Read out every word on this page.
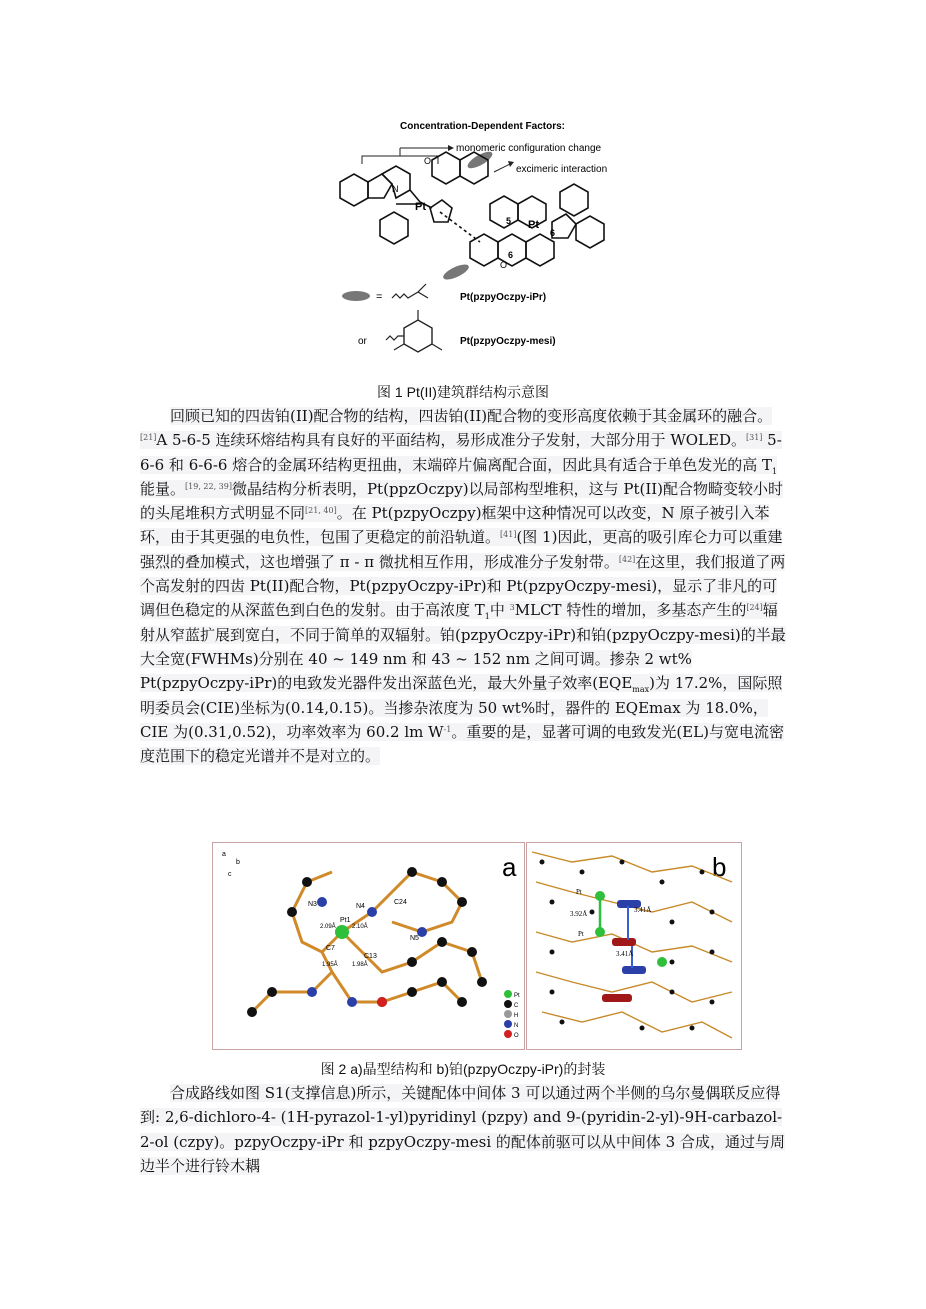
Concentration-Dependent Factors:
monomeric configuration change
excimeric interaction
Pt
Pt
N
O
O
5
6
6
=	Pt(pzpyOczpy-iPr)
or	Pt(pzpyOczpy-mesi)
图 1 Pt(II)建筑群结构示意图

回顾已知的四齿铂(II)配合物的结构，四齿铂(II)配合物的变形高度依赖于其金属环的融合。[21]A 5-6-5 连续环熔结构具有良好的平面结构，易形成准分子发射，大部分用于 WOLED。[31] 5-6-6 和 6-6-6 熔合的金属环结构更扭曲，末端碎片偏离配合面，因此具有适合于单色发光的高 $T_1$能量。[19, 22, 39]微晶结构分析表明，Pt(ppzOczpy)以局部构型堆积，这与 Pt(II)配合物畸变较小时的头尾堆积方式明显不同[21, 40]。在 Pt(pzpyOczpy)框架中这种情况可以改变，N 原子被引入苯环，由于其更强的电负性，包围了更稳定的前沿轨道。[41](图 1)因此，更高的吸引库仑力可以重建强烈的叠加模式，这也增强了 π - π 微扰相互作用，形成准分子发射带。[42]在这里，我们报道了两个高发射的四齿 Pt(II)配合物，Pt(pzpyOczpy-iPr)和 Pt(pzpyOczpy-mesi)，显示了非凡的可调但色稳定的从深蓝色到白色的发射。由于高浓度 $T_1$中 $^3$MLCT 特性的增加，多基态产生的[24]辐射从窄蓝扩展到宽白，不同于简单的双辐射。铂(pzpyOczpy-iPr)和铂(pzpyOczpy-mesi)的半最大全宽(FWHMs)分别在 40 ~ 149 nm 和 43 ~ 152 nm 之间可调。掺杂 2 wt% Pt(pzpyOczpy-iPr)的电致发光器件发出深蓝色光，最大外量子效率$(EQE_{max})$为 17.2%，国际照明委员会(CIE)坐标为(0.14,0.15)。当掺杂浓度为 50 wt%时，器件的 EQEmax 为 18.0%，CIE 为(0.31,0.52)，功率效率为 60.2 lm $W^{-1}$。重要的是，显著可调的电致发光(EL)与宽电流密度范围下的稳定光谱并不是对立的。

a	b
a
b
c
N3	N4
N5
C24
Pt1
C7
C13
2.09Å	2.10Å
1.95Å 1.98Å
Pt
C
H
N
O
Pt
Pt
3.92Å	3.41Å
3.41Å
图 2 a)晶型结构和 b)铂(pzpyOczpy-iPr)的封装

合成路线如图 S1(支撑信息)所示，关键配体中间体 3 可以通过两个半侧的乌尔曼偶联反应得到: 2,6-dichloro-4- (1H-pyrazol-1-yl)pyridinyl (pzpy) and 9-(pyridin-2-yl)-9H-carbazol- 2-ol (czpy)。pzpyOczpy-iPr 和 pzpyOczpy-mesi 的配体前驱可以从中间体 3 合成，通过与周边半个进行铃木耦
